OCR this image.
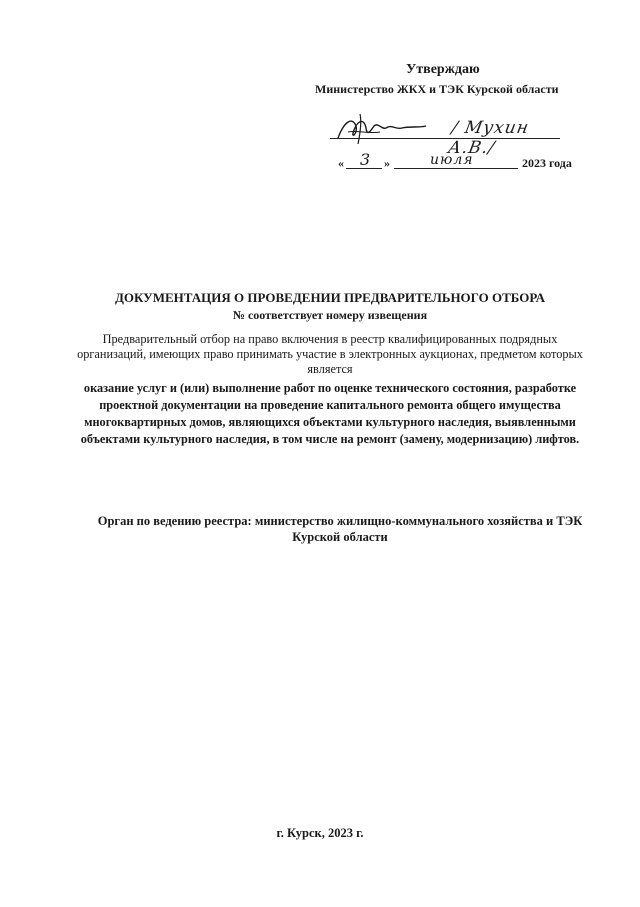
Утверждаю
Министерство ЖКХ и ТЭК Курской области
/ Мухин А.В./
« 3 »	июля	2023 года
ДОКУМЕНТАЦИЯ О ПРОВЕДЕНИИ ПРЕДВАРИТЕЛЬНОГО ОТБОРА
№ соответствует номеру извещения
Предварительный отбор на право включения в реестр квалифицированных подрядных организаций, имеющих право принимать участие в электронных аукционах, предметом которых является
оказание услуг и (или) выполнение работ по оценке технического состояния, разработке проектной документации на проведение капитального ремонта общего имущества многоквартирных домов, являющихся объектами культурного наследия, выявленными объектами культурного наследия, в том числе на ремонт (замену, модернизацию) лифтов.
Орган по ведению реестра: министерство жилищно-коммунального хозяйства и ТЭК Курской области
г. Курск, 2023 г.
